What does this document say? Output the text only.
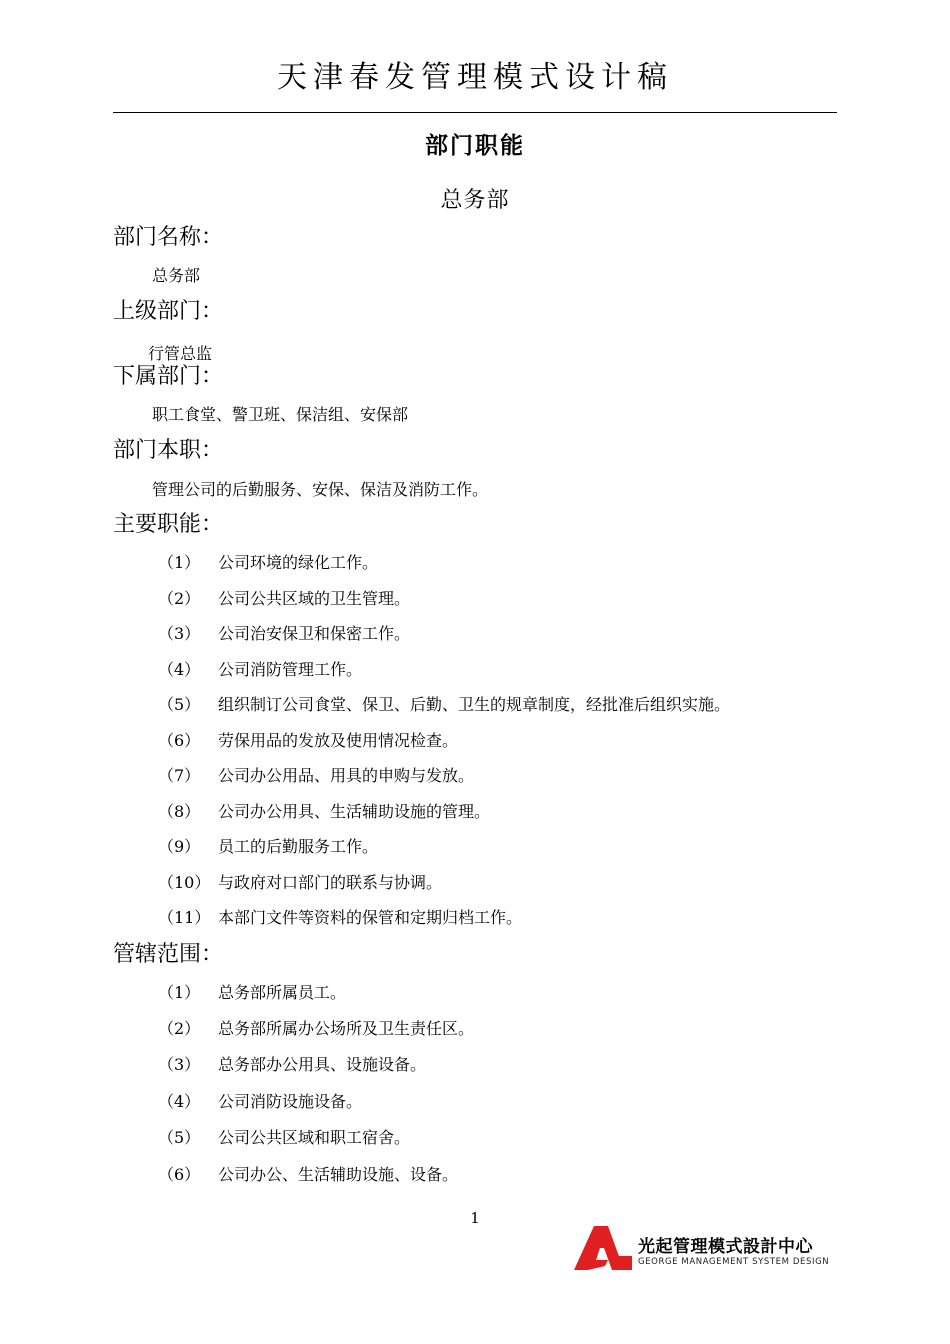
天津春发管理模式设计稿
部门职能
总务部
部门名称：
总务部
上级部门：
行管总监
下属部门：
职工食堂、警卫班、保洁组、安保部
部门本职：
管理公司的后勤服务、安保、保洁及消防工作。
主要职能：
（1） 公司环境的绿化工作。
（2） 公司公共区域的卫生管理。
（3） 公司治安保卫和保密工作。
（4） 公司消防管理工作。
（5） 组织制订公司食堂、保卫、后勤、卫生的规章制度，经批准后组织实施。
（6） 劳保用品的发放及使用情况检查。
（7） 公司办公用品、用具的申购与发放。
（8） 公司办公用具、生活辅助设施的管理。
（9） 员工的后勤服务工作。
（10） 与政府对口部门的联系与协调。
（11） 本部门文件等资料的保管和定期归档工作。
管辖范围：
（1） 总务部所属员工。
（2） 总务部所属办公场所及卫生责任区。
（3） 总务部办公用具、设施设备。
（4） 公司消防设施设备。
（5） 公司公共区域和职工宿舍。
（6） 公司办公、生活辅助设施、设备。
1
光起管理模式設計中心
GEORGE MANAGEMENT SYSTEM DESIGN
